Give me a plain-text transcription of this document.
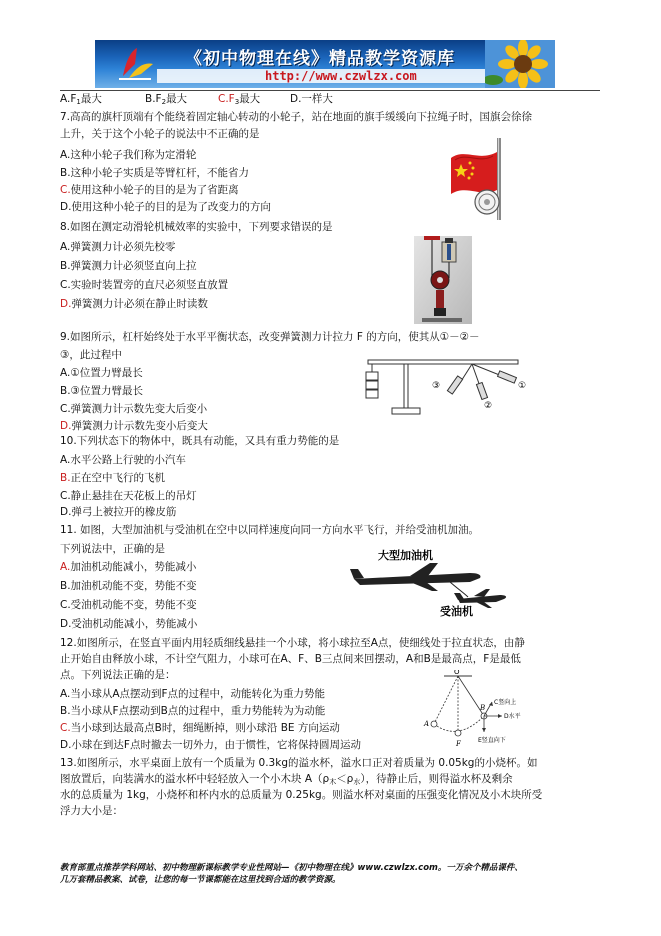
《初中物理在线》精品教学资源库
http://www.czwlzx.com
$A.F_1$最大	$B.F_2$最大	$C.F_3$最大	D.一样大
7.高高的旗杆顶端有个能绕着固定轴心转动的小轮子，站在地面的旗手缓缓向下拉绳子时，国旗会徐徐
上升，关于这个小轮子的说法中不正确的是
A.这种小轮子我们称为定滑轮
B.这种小轮子实质是等臂杠杆，不能省力
C.使用这种小轮子的目的是为了省距离
D.使用这种小轮子的目的是为了改变力的方向
8.如图在测定动滑轮机械效率的实验中，下列要求错误的是
A.弹簧测力计必须先校零
B.弹簧测力计必须竖直向上拉
C.实验时装置旁的直尺必须竖直放置
D.弹簧测力计必须在静止时读数
9.如图所示，杠杆始终处于水平平衡状态，改变弹簧测力计拉力 F 的方向，使其从①－②－
③，此过程中
A.①位置力臂最长
B.③位置力臂最长
C.弹簧测力计示数先变大后变小
D.弹簧测力计示数先变小后变大
③
②
①
10.下列状态下的物体中，既具有动能，又具有重力势能的是
A.水平公路上行驶的小汽车
B.正在空中飞行的飞机
C.静止悬挂在天花板上的吊灯
D.弹弓上被拉开的橡皮筋
11. 如图，大型加油机与受油机在空中以同样速度向同一方向水平飞行，并给受油机加油。
下列说法中，正确的是
A.加油机动能减小，势能减小
B.加油机动能不变，势能不变
C.受油机动能不变，势能不变
D.受油机动能减小，势能减小
大型加油机
受油机
12.如图所示，在竖直平面内用轻质细线悬挂一个小球，将小球拉至A点，使细线处于拉直状态，由静
止开始自由释放小球，不计空气阻力，小球可在A、F、B三点间来回摆动，A和B是最高点，F是最低
点。下列说法正确的是：
A.当小球从A点摆动到F点的过程中，动能转化为重力势能
B.当小球从F点摆动到B点的过程中，重力势能转为为动能
C.当小球到达最高点B时，细绳断掉，则小球沿 BE 方向运动
D.小球在到达F点时撤去一切外力，由于惯性，它将保持圆周运动
O
A
B
F
C竖向上
D水平
E竖直向下
13.如图所示，水平桌面上放有一个质量为 0.3kg的溢水杯，溢水口正对着质量为 0.05kg的小烧杯。如
图放置后，向装满水的溢水杯中轻轻放入一个小木块 $A(\rho_木<\rho_水)$，待静止后，则得溢水杯及剩余
水的总质量为 1kg，小烧杯和杯内水的总质量为 0.25kg。则溢水杯对桌面的压强变化情况及小木块所受
浮力大小是：
教育部重点推荐学科网站、初中物理新课标教学专业性网站—《初中物理在线》www.czwlzx.com。一万余个精品课件、
几万套精品教案、试卷，让您的每一节课都能在这里找到合适的教学资源。
